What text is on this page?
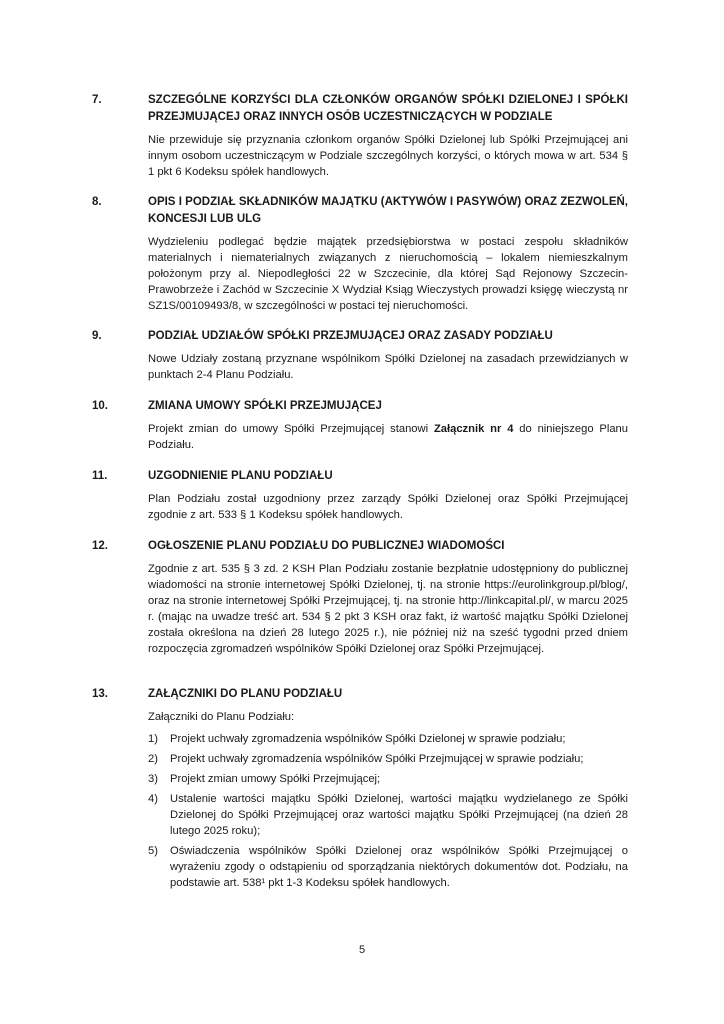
7.	SZCZEGÓLNE KORZYŚCI DLA CZŁONKÓW ORGANÓW SPÓŁKI DZIELONEJ I SPÓŁKI PRZEJMUJĄCEJ ORAZ INNYCH OSÓB UCZESTNICZĄCYCH W PODZIALE
Nie przewiduje się przyznania członkom organów Spółki Dzielonej lub Spółki Przejmującej ani innym osobom uczestniczącym w Podziale szczególnych korzyści, o których mowa w art. 534 § 1 pkt 6 Kodeksu spółek handlowych.
8.	OPIS I PODZIAŁ SKŁADNIKÓW MAJĄTKU (AKTYWÓW I PASYWÓW) ORAZ ZEZWOLEŃ, KONCESJI LUB ULG
Wydzieleniu podlegać będzie majątek przedsiębiorstwa w postaci zespołu składników materialnych i niematerialnych związanych z nieruchomością – lokalem niemieszkalnym położonym przy al. Niepodległości 22 w Szczecinie, dla której Sąd Rejonowy Szczecin-Prawobrzeże i Zachód w Szczecinie X Wydział Ksiąg Wieczystych prowadzi księgę wieczystą nr SZ1S/00109493/8, w szczególności w postaci tej nieruchomości.
9.	PODZIAŁ UDZIAŁÓW SPÓŁKI PRZEJMUJĄCEJ ORAZ ZASADY PODZIAŁU
Nowe Udziały zostaną przyznane wspólnikom Spółki Dzielonej na zasadach przewidzianych w punktach 2-4 Planu Podziału.
10.	ZMIANA UMOWY SPÓŁKI PRZEJMUJĄCEJ
Projekt zmian do umowy Spółki Przejmującej stanowi Załącznik nr 4 do niniejszego Planu Podziału.
11.	UZGODNIENIE PLANU PODZIAŁU
Plan Podziału został uzgodniony przez zarządy Spółki Dzielonej oraz Spółki Przejmującej zgodnie z art. 533 § 1 Kodeksu spółek handlowych.
12.	OGŁOSZENIE PLANU PODZIAŁU DO PUBLICZNEJ WIADOMOŚCI
Zgodnie z art. 535 § 3 zd. 2 KSH Plan Podziału zostanie bezpłatnie udostępniony do publicznej wiadomości na stronie internetowej Spółki Dzielonej, tj. na stronie https://eurolinkgroup.pl/blog/, oraz na stronie internetowej Spółki Przejmującej, tj. na stronie http://linkcapital.pl/, w marcu 2025 r. (mając na uwadze treść art. 534 § 2 pkt 3 KSH oraz fakt, iż wartość majątku Spółki Dzielonej została określona na dzień 28 lutego 2025 r.), nie później niż na sześć tygodni przed dniem rozpoczęcia zgromadzeń wspólników Spółki Dzielonej oraz Spółki Przejmującej.
13.	ZAŁĄCZNIKI DO PLANU PODZIAŁU
Załączniki do Planu Podziału:
1) Projekt uchwały zgromadzenia wspólników Spółki Dzielonej w sprawie podziału;
2) Projekt uchwały zgromadzenia wspólników Spółki Przejmującej w sprawie podziału;
3) Projekt zmian umowy Spółki Przejmującej;
4) Ustalenie wartości majątku Spółki Dzielonej, wartości majątku wydzielanego ze Spółki Dzielonej do Spółki Przejmującej oraz wartości majątku Spółki Przejmującej (na dzień 28 lutego 2025 roku);
5) Oświadczenia wspólników Spółki Dzielonej oraz wspólników Spółki Przejmującej o wyrażeniu zgody o odstąpieniu od sporządzania niektórych dokumentów dot. Podziału, na podstawie art. 538¹ pkt 1-3 Kodeksu spółek handlowych.
5
